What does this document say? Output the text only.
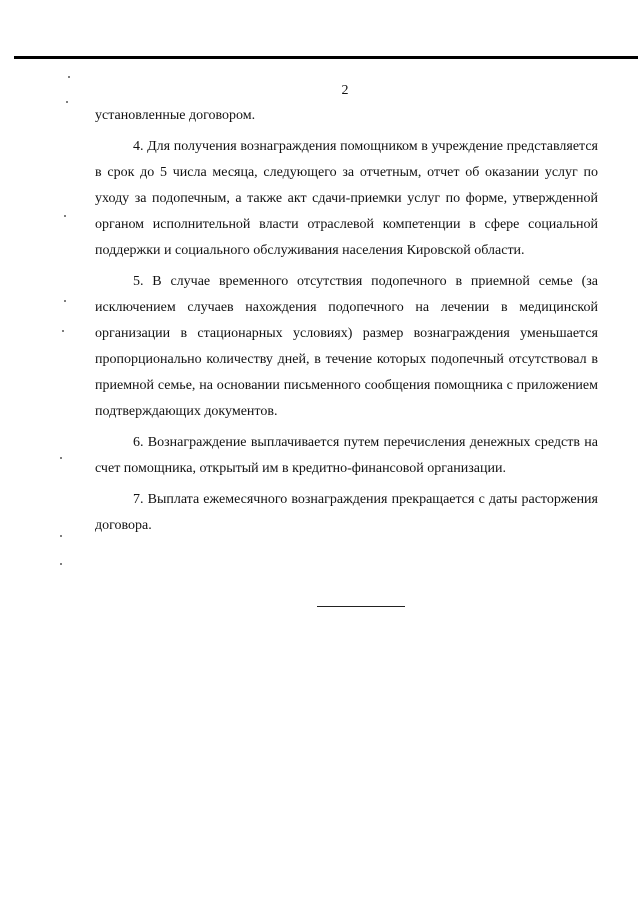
2

установленные договором.

4. Для получения вознаграждения помощником в учреждение представляется в срок до 5 числа месяца, следующего за отчетным, отчет об оказании услуг по уходу за подопечным, а также акт сдачи-приемки услуг по форме, утвержденной органом исполнительной власти отраслевой компетенции в сфере социальной поддержки и социального обслуживания населения Кировской области.

5. В случае временного отсутствия подопечного в приемной семье (за исключением случаев нахождения подопечного на лечении в медицинской организации в стационарных условиях) размер вознаграждения уменьшается пропорционально количеству дней, в течение которых подопечный отсутствовал в приемной семье, на основании письменного сообщения помощника с приложением подтверждающих документов.

6. Вознаграждение выплачивается путем перечисления денежных средств на счет помощника, открытый им в кредитно-финансовой организации.

7. Выплата ежемесячного вознаграждения прекращается с даты расторжения договора.
